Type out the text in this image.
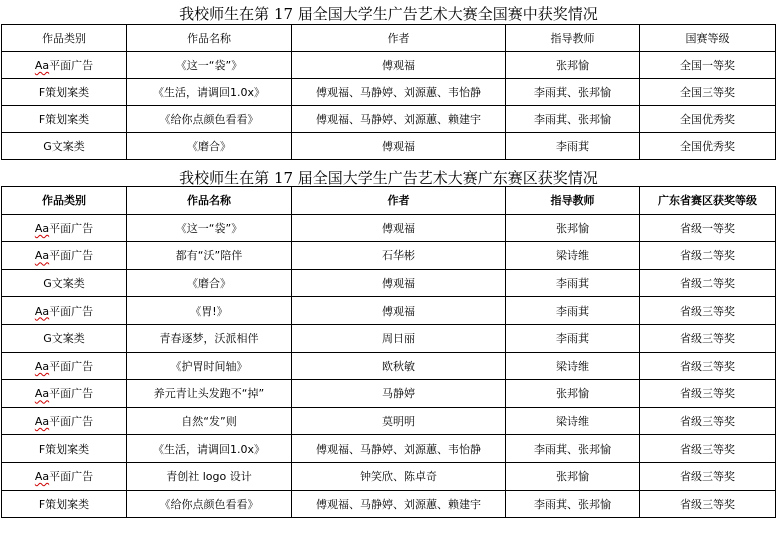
我校师生在第 17 届全国大学生广告艺术大赛全国赛中获奖情况
作品类别	作品名称	作者	指导教师	国赛等级
Aa平面广告	《这一“袋”》	傅观福	张邦愉	全国一等奖
F策划案类	《生活，请调回1.0x》	傅观福、马静婷、刘源蕙、韦怡静	李雨萁、张邦愉	全国三等奖
F策划案类	《给你点颜色看看》	傅观福、马静婷、刘源蕙、赖建宇	李雨萁、张邦愉	全国优秀奖
G文案类	《磨合》	傅观福	李雨萁	全国优秀奖
我校师生在第 17 届全国大学生广告艺术大赛广东赛区获奖情况
作品类别	作品名称	作者	指导教师	广东省赛区获奖等级
Aa平面广告	《这一“袋”》	傅观福	张邦愉	省级一等奖
Aa平面广告	都有“沃”陪伴	石华彬	梁诗维	省级二等奖
G文案类	《磨合》	傅观福	李雨萁	省级二等奖
Aa平面广告	《胃!》	傅观福	李雨萁	省级三等奖
G文案类	青春逐梦，沃派相伴	周日丽	李雨萁	省级三等奖
Aa平面广告	《护胃时间轴》	欧秋敏	梁诗维	省级三等奖
Aa平面广告	养元青让头发跑不“掉”	马静婷	张邦愉	省级三等奖
Aa平面广告	自然“发”则	莫明明	梁诗维	省级三等奖
F策划案类	《生活，请调回1.0x》	傅观福、马静婷、刘源蕙、韦怡静	李雨萁、张邦愉	省级三等奖
Aa平面广告	青创社 logo 设计	钟笑欣、陈卓奇	张邦愉	省级三等奖
F策划案类	《给你点颜色看看》	傅观福、马静婷、刘源蕙、赖建宇	李雨萁、张邦愉	省级三等奖
